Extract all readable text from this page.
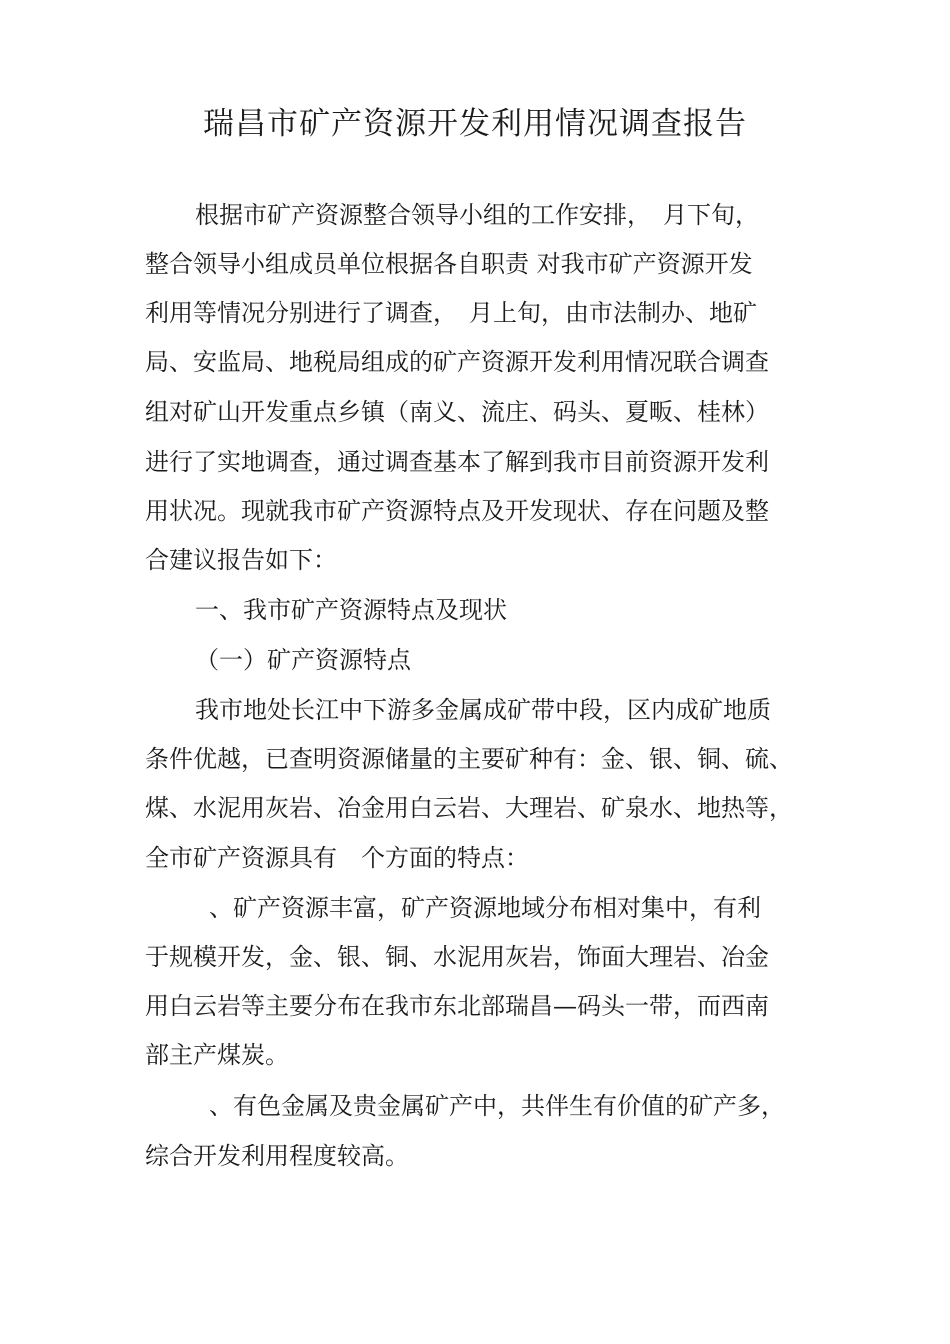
瑞昌市矿产资源开发利用情况调查报告
根据市矿产资源整合领导小组的工作安排，　月下旬，
整合领导小组成员单位根据各自职责 对我市矿产资源开发
利用等情况分别进行了调查，　月上旬，由市法制办、地矿
局、安监局、地税局组成的矿产资源开发利用情况联合调查
组对矿山开发重点乡镇（南义、流庄、码头、夏畈、桂林）
进行了实地调查，通过调查基本了解到我市目前资源开发利
用状况。现就我市矿产资源特点及开发现状、存在问题及整
合建议报告如下：
一、我市矿产资源特点及现状
（一）矿产资源特点
我市地处长江中下游多金属成矿带中段，区内成矿地质
条件优越，已查明资源储量的主要矿种有：金、银、铜、硫、
煤、水泥用灰岩、冶金用白云岩、大理岩、矿泉水、地热等，
全市矿产资源具有　个方面的特点：
、矿产资源丰富，矿产资源地域分布相对集中，有利
于规模开发，金、银、铜、水泥用灰岩，饰面大理岩、冶金
用白云岩等主要分布在我市东北部瑞昌—码头一带，而西南
部主产煤炭。
、有色金属及贵金属矿产中，共伴生有价值的矿产多，
综合开发利用程度较高。
